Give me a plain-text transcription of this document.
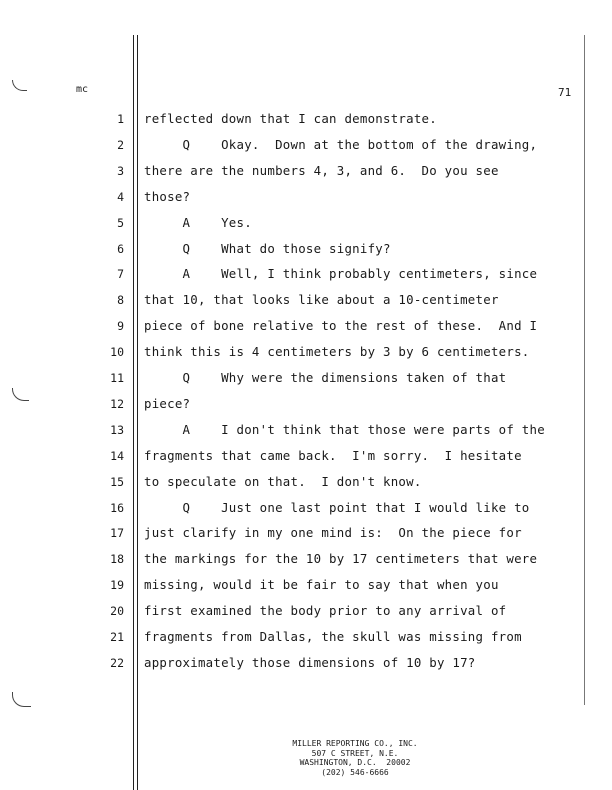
mc	71
1 reflected down that I can demonstrate.
2 Q    Okay.  Down at the bottom of the drawing,
3 there are the numbers 4, 3, and 6.  Do you see
4 those?
5 A    Yes.
6 Q    What do those signify?
7 A    Well, I think probably centimeters, since
8 that 10, that looks like about a 10-centimeter
9 piece of bone relative to the rest of these.  And I
10 think this is 4 centimeters by 3 by 6 centimeters.
11 Q    Why were the dimensions taken of that
12 piece?
13 A    I don't think that those were parts of the
14 fragments that came back.  I'm sorry.  I hesitate
15 to speculate on that.  I don't know.
16 Q    Just one last point that I would like to
17 just clarify in my one mind is:  On the piece for
18 the markings for the 10 by 17 centimeters that were
19 missing, would it be fair to say that when you
20 first examined the body prior to any arrival of
21 fragments from Dallas, the skull was missing from
22 approximately those dimensions of 10 by 17?
MILLER REPORTING CO., INC.
507 C STREET, N.E.
WASHINGTON, D.C.  20002
(202) 546-6666
